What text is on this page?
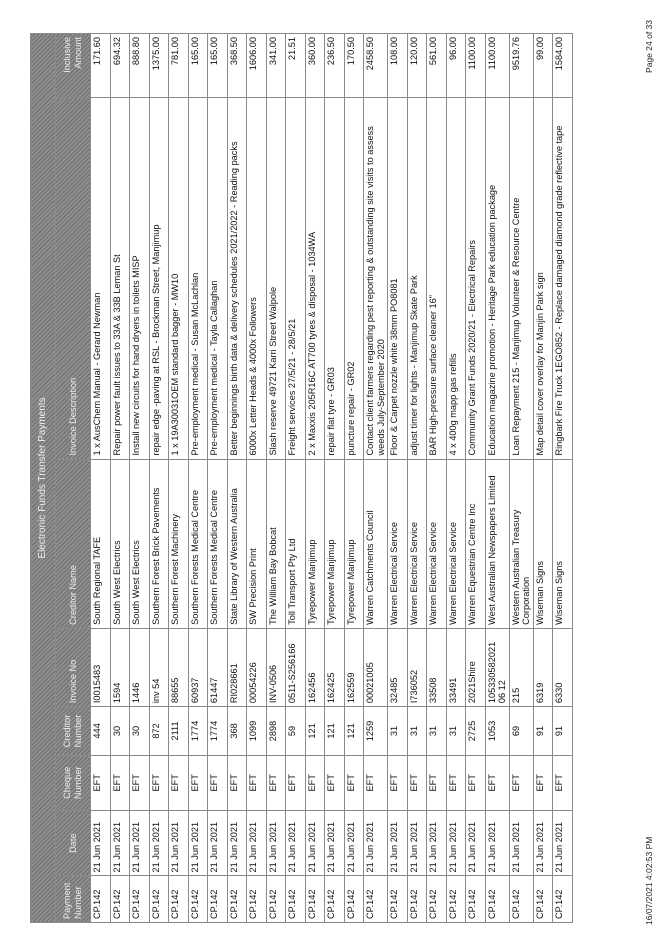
Electronic Funds Transfer Payments							
Payment Number	Date	Cheque Number	Creditor Number	Invoice No	Creditor Name	Invoice Description	Inclusive Amount
CP.142	21 Jun 2021	EFT	444	I0015483	South Regional TAFE	1 x AusChem Manual - Gerard Newman	171.60
CP.142	21 Jun 2021	EFT	30	1594	South West Electrics	Repair power fault issues to 33A & 33B Leman St	694.32
CP.142	21 Jun 2021	EFT	30	1446	South West Electrics	Install new circuits for hand dryers in toilets MISP	888.80
CP.142	21 Jun 2021	EFT	872	inv 54	Southern Forest Brick Pavements	repair edge -paving at RSL - Brockman Street, Manjimup	1375.00
CP.142	21 Jun 2021	EFT	2111	88655	Southern Forest Machinery	1 x 19A30031OEM standard bagger - MW10	781.00
CP.142	21 Jun 2021	EFT	1774	60937	Southern Forests Medical Centre	Pre-employment medical - Susan McLachlan	165.00
CP.142	21 Jun 2021	EFT	1774	61447	Southern Forests Medical Centre	Pre-employment medical - Tayla Callaghan	165.00
CP.142	21 Jun 2021	EFT	368	RI028661	State Library of Western Australia	Better beginnings birth data & delivery schedules 2021/2022 - Reading packs	368.50
CP.142	21 Jun 2021	EFT	1099	00054226	SW Precision Print	6000x Letter Heads & 4000x Followers	1606.00
CP.142	21 Jun 2021	EFT	2898	INV-0506	The William Bay Bobcat	Slash reserve 49721 Karri Street Walpole	341.00
CP.142	21 Jun 2021	EFT	59	0511-S256166	Toll Transport Pty Ltd	Freight services 27/5/21 - 28/5/21	21.51
CP.142	21 Jun 2021	EFT	121	162456	Tyrepower Manjimup	2 x Maxxis 205R16C AT700 tyres & disposal - 1034WA	360.00
CP.142	21 Jun 2021	EFT	121	162425	Tyrepower Manjimup	repair flat tyre - GR03	236.50
CP.142	21 Jun 2021	EFT	121	162559	Tyrepower Manjimup	puncture repair - GR02	170.50
CP.142	21 Jun 2021	EFT	1259	00021005	Warren Catchments Council	Contact client farmers regarding pest reporting & outstanding site visits to assess weeds July-September 2020	2458.50
CP.142	21 Jun 2021	EFT	31	32485	Warren Electrical Service	Floor & Carpet nozzle white 38mm PO8081	108.00
CP.142	21 Jun 2021	EFT	31	I736052	Warren Electrical Service	adjust timer for lights - Manjimup Skate Park	120.00
CP.142	21 Jun 2021	EFT	31	33508	Warren Electrical Service	BAR High-pressure surface cleaner 16"	561.00
CP.142	21 Jun 2021	EFT	31	33491	Warren Electrical Service	4 x 400g mapp gas refills	96.00
CP.142	21 Jun 2021	EFT	2725	2021Shire	Warren Equestrian Centre Inc	Community Grant Funds 2020/21 - Electrical Repairs	1100.00
CP.142	21 Jun 2021	EFT	1053	105330582021 06 12	West Australian Newspapers Limited	Education magazine promotion - Heritage Park education package	1100.00
CP.142	21 Jun 2021	EFT	69	215	Western Australian Treasury Corporation	Loan Repayment 215 - Manjimup Volunteer & Resource Centre	9519.76
CP.142	21 Jun 2021	EFT	91	6319	Wiseman Signs	Map detail cover overlay for Manjin Park sign	99.00
CP.142	21 Jun 2021	EFT	91	6330	Wiseman Signs	Ringbark Fire Truck 1EGO852 - Replace damaged diamond grade reflective tape	1584.00
16/07/2021 4:02:53 PM
Page 24 of 33
